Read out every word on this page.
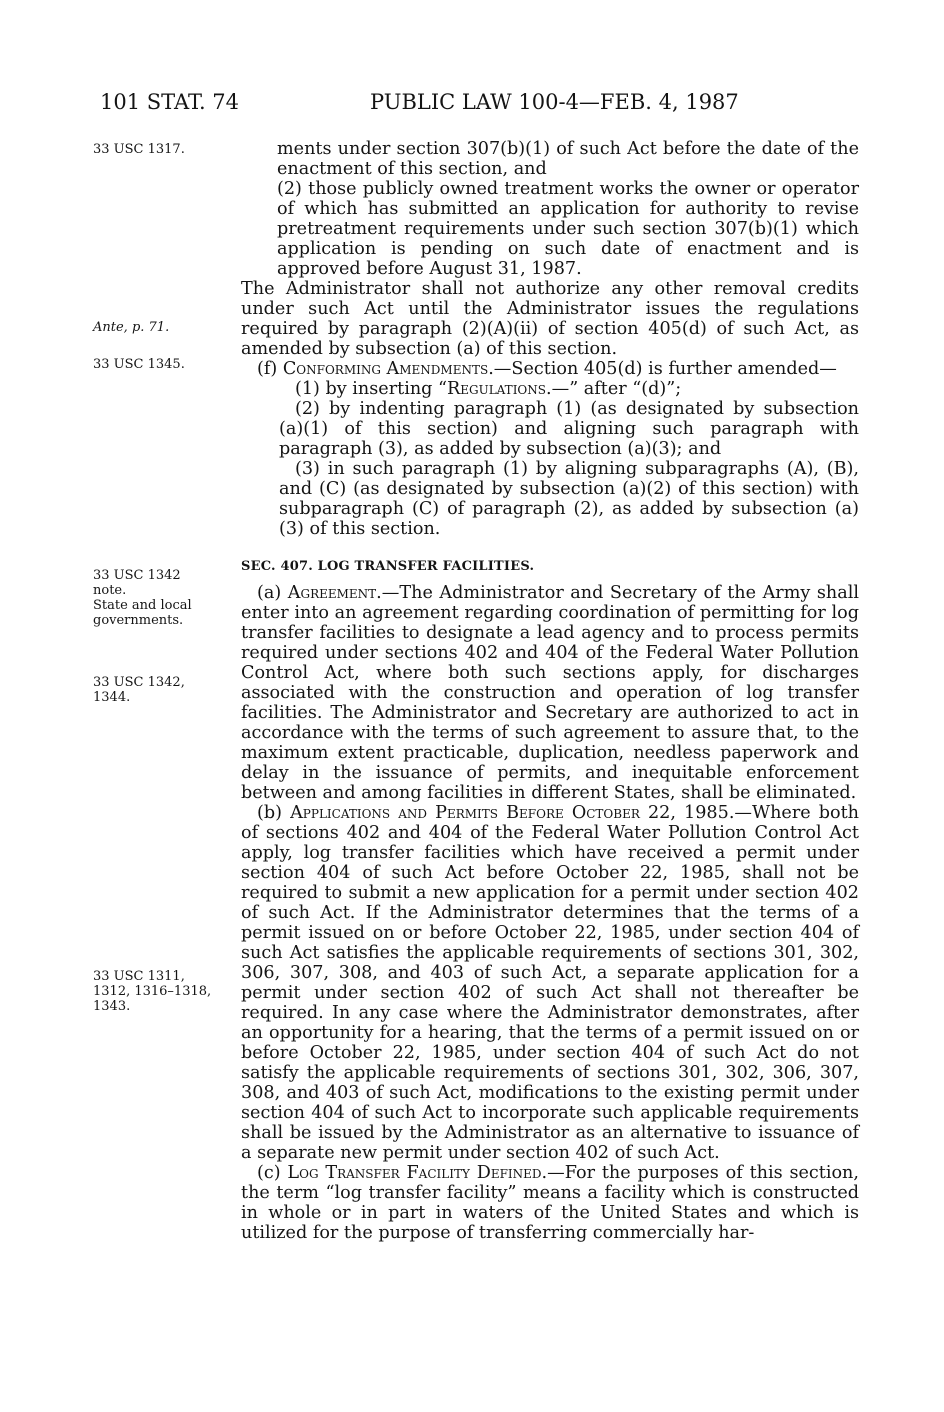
101 STAT. 74	PUBLIC LAW 100-4—FEB. 4, 1987
33 USC 1317.
Ante, p. 71.
33 USC 1345.
33 USC 1342
note.
State and local
governments.
33 USC 1342,
1344.
33 USC 1311,
1312, 1316–1318,
1343.

ments under section 307(b)(1) of such Act before the date of the enactment of this section, and

(2) those publicly owned treatment works the owner or operator of which has submitted an application for authority to revise pretreatment requirements under such section 307(b)(1) which application is pending on such date of enactment and is approved before August 31, 1987.

The Administrator shall not authorize any other removal credits under such Act until the Administrator issues the regulations required by paragraph (2)(A)(ii) of section 405(d) of such Act, as amended by subsection (a) of this section.

(f) Conforming Amendments.—Section 405(d) is further amended—

(1) by inserting “Regulations.—” after “(d)”;

(2) by indenting paragraph (1) (as designated by subsection (a)(1) of this section) and aligning such paragraph with paragraph (3), as added by subsection (a)(3); and

(3) in such paragraph (1) by aligning subparagraphs (A), (B), and (C) (as designated by subsection (a)(2) of this section) with subparagraph (C) of paragraph (2), as added by subsection (a)(3) of this section.

SEC. 407. LOG TRANSFER FACILITIES.

(a) Agreement.—The Administrator and Secretary of the Army shall enter into an agreement regarding coordination of permitting for log transfer facilities to designate a lead agency and to process permits required under sections 402 and 404 of the Federal Water Pollution Control Act, where both such sections apply, for discharges associated with the construction and operation of log transfer facilities. The Administrator and Secretary are authorized to act in accordance with the terms of such agreement to assure that, to the maximum extent practicable, duplication, needless paperwork and delay in the issuance of permits, and inequitable enforcement between and among facilities in different States, shall be eliminated.

(b) Applications and Permits Before October 22, 1985.—Where both of sections 402 and 404 of the Federal Water Pollution Control Act apply, log transfer facilities which have received a permit under section 404 of such Act before October 22, 1985, shall not be required to submit a new application for a permit under section 402 of such Act. If the Administrator determines that the terms of a permit issued on or before October 22, 1985, under section 404 of such Act satisfies the applicable requirements of sections 301, 302, 306, 307, 308, and 403 of such Act, a separate application for a permit under section 402 of such Act shall not thereafter be required. In any case where the Administrator demonstrates, after an opportunity for a hearing, that the terms of a permit issued on or before October 22, 1985, under section 404 of such Act do not satisfy the applicable requirements of sections 301, 302, 306, 307, 308, and 403 of such Act, modifications to the existing permit under section 404 of such Act to incorporate such applicable requirements shall be issued by the Administrator as an alternative to issuance of a separate new permit under section 402 of such Act.

(c) Log Transfer Facility Defined.—For the purposes of this section, the term “log transfer facility” means a facility which is constructed in whole or in part in waters of the United States and which is utilized for the purpose of transferring commercially har-
